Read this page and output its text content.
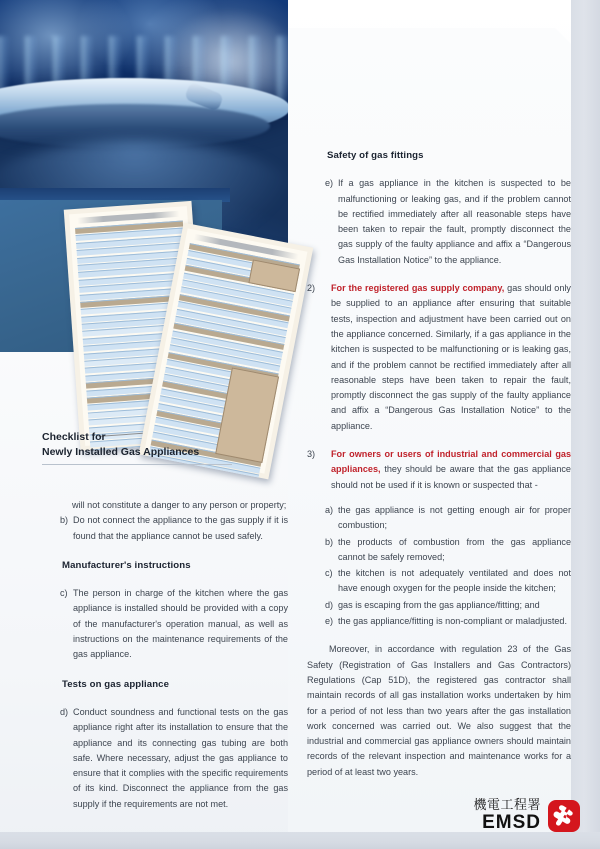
Checklist for
Newly Installed Gas Appliances
will not constitute a danger to any person or property;
b) Do not connect the appliance to the gas supply if it is found that the appliance cannot be used safely.
Manufacturer's instructions
c) The person in charge of the kitchen where the gas appliance is installed should be provided with a copy of the manufacturer's operation manual, as well as instructions on the maintenance requirements of the gas appliance.
Tests on gas appliance
d) Conduct soundness and functional tests on the gas appliance right after its installation to ensure that the appliance and its connecting gas tubing are both safe. Where necessary, adjust the gas appliance to ensure that it complies with the specific requirements of its kind. Disconnect the appliance from the gas supply if the requirements are not met.
Safety of gas fittings
e) If a gas appliance in the kitchen is suspected to be malfunctioning or leaking gas, and if the problem cannot be rectified immediately after all reasonable steps have been taken to repair the fault, promptly disconnect the gas supply of the faulty appliance and affix a “Dangerous Gas Installation Notice” to the appliance.
2)	For the registered gas supply company, gas should only be supplied to an appliance after ensuring that suitable tests, inspection and adjustment have been carried out on the appliance concerned. Similarly, if a gas appliance in the kitchen is suspected to be malfunctioning or is leaking gas, and if the problem cannot be rectified immediately after all reasonable steps have been taken to repair the fault, promptly disconnect the gas supply of the faulty appliance and affix a “Dangerous Gas Installation Notice” to the appliance.
3)	For owners or users of industrial and commercial gas appliances, they should be aware that the gas appliance should not be used if it is known or suspected that -
a) the gas appliance is not getting enough air for proper combustion;
b) the products of combustion from the gas appliance cannot be safely removed;
c) the kitchen is not adequately ventilated and does not have enough oxygen for the people inside the kitchen;
d) gas is escaping from the gas appliance/fitting; and
e) the gas appliance/fitting is non-compliant or maladjusted.
Moreover, in accordance with regulation 23 of the Gas Safety (Registration of Gas Installers and Gas Contractors) Regulations (Cap 51D), the registered gas contractor shall maintain records of all gas installation works undertaken by him for a period of not less than two years after the gas installation work concerned was carried out. We also suggest that the industrial and commercial gas appliance owners should maintain records of the relevant inspection and maintenance works for a period of at least two years.
機電工程署
EMSD
